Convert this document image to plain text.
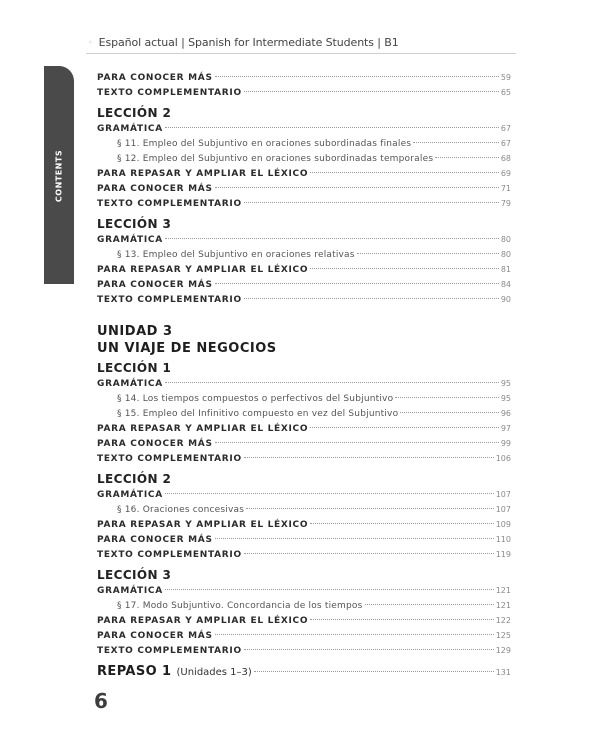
◦ Español actual | Spanish for Intermediate Students | B1
CONTENTS
PARA CONOCER MÁS	59
TEXTO COMPLEMENTARIO	65
LECCIÓN 2
GRAMÁTICA	67
§ 11. Empleo del Subjuntivo en oraciones subordinadas finales	67
§ 12. Empleo del Subjuntivo en oraciones subordinadas temporales	68
PARA REPASAR Y AMPLIAR EL LÉXICO	69
PARA CONOCER MÁS	71
TEXTO COMPLEMENTARIO	79
LECCIÓN 3
GRAMÁTICA	80
§ 13. Empleo del Subjuntivo en oraciones relativas	80
PARA REPASAR Y AMPLIAR EL LÉXICO	81
PARA CONOCER MÁS	84
TEXTO COMPLEMENTARIO	90
UNIDAD 3
UN VIAJE DE NEGOCIOS
LECCIÓN 1
GRAMÁTICA	95
§ 14. Los tiempos compuestos o perfectivos del Subjuntivo	95
§ 15. Empleo del Infinitivo compuesto en vez del Subjuntivo	96
PARA REPASAR Y AMPLIAR EL LÉXICO	97
PARA CONOCER MÁS	99
TEXTO COMPLEMENTARIO	106
LECCIÓN 2
GRAMÁTICA	107
§ 16. Oraciones concesivas	107
PARA REPASAR Y AMPLIAR EL LÉXICO	109
PARA CONOCER MÁS	110
TEXTO COMPLEMENTARIO	119
LECCIÓN 3
GRAMÁTICA	121
§ 17. Modo Subjuntivo. Concordancia de los tiempos	121
PARA REPASAR Y AMPLIAR EL LÉXICO	122
PARA CONOCER MÁS	125
TEXTO COMPLEMENTARIO	129
REPASO 1 (Unidades 1–3)	131
6
